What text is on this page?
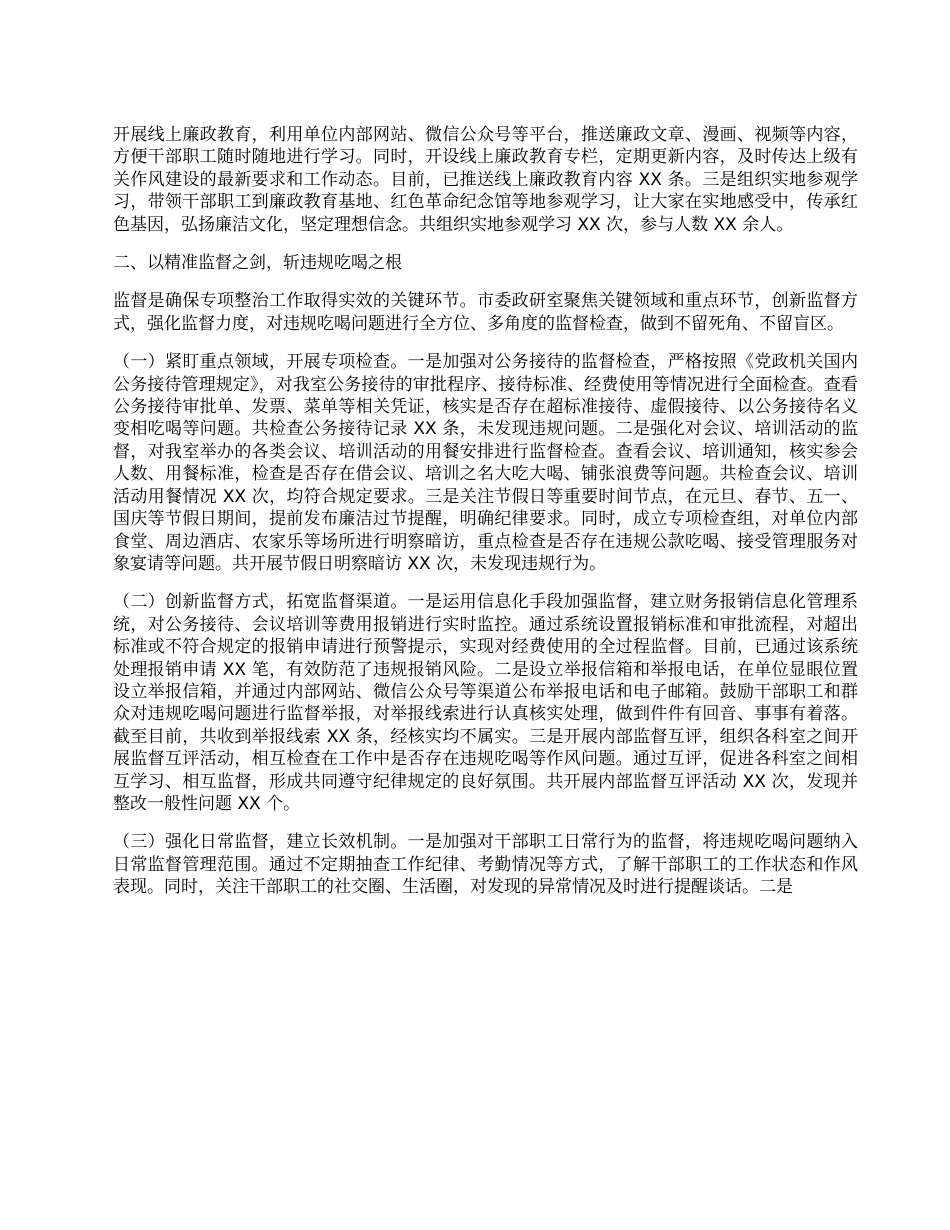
开展线上廉政教育，利用单位内部网站、微信公众号等平台，推送廉政文章、漫画、视频等内容，方便干部职工随时随地进行学习。同时，开设线上廉政教育专栏，定期更新内容，及时传达上级有关作风建设的最新要求和工作动态。目前，已推送线上廉政教育内容 XX 条。三是组织实地参观学习，带领干部职工到廉政教育基地、红色革命纪念馆等地参观学习，让大家在实地感受中，传承红色基因，弘扬廉洁文化，坚定理想信念。共组织实地参观学习 XX 次，参与人数 XX 余人。

二、以精准监督之剑，斩违规吃喝之根

监督是确保专项整治工作取得实效的关键环节。市委政研室聚焦关键领域和重点环节，创新监督方式，强化监督力度，对违规吃喝问题进行全方位、多角度的监督检查，做到不留死角、不留盲区。

（一）紧盯重点领域，开展专项检查。一是加强对公务接待的监督检查，严格按照《党政机关国内公务接待管理规定》，对我室公务接待的审批程序、接待标准、经费使用等情况进行全面检查。查看公务接待审批单、发票、菜单等相关凭证，核实是否存在超标准接待、虚假接待、以公务接待名义变相吃喝等问题。共检查公务接待记录 XX 条，未发现违规问题。二是强化对会议、培训活动的监督，对我室举办的各类会议、培训活动的用餐安排进行监督检查。查看会议、培训通知，核实参会人数、用餐标准，检查是否存在借会议、培训之名大吃大喝、铺张浪费等问题。共检查会议、培训活动用餐情况 XX 次，均符合规定要求。三是关注节假日等重要时间节点，在元旦、春节、五一、国庆等节假日期间，提前发布廉洁过节提醒，明确纪律要求。同时，成立专项检查组，对单位内部食堂、周边酒店、农家乐等场所进行明察暗访，重点检查是否存在违规公款吃喝、接受管理服务对象宴请等问题。共开展节假日明察暗访 XX 次，未发现违规行为。

（二）创新监督方式，拓宽监督渠道。一是运用信息化手段加强监督，建立财务报销信息化管理系统，对公务接待、会议培训等费用报销进行实时监控。通过系统设置报销标准和审批流程，对超出标准或不符合规定的报销申请进行预警提示，实现对经费使用的全过程监督。目前，已通过该系统处理报销申请 XX 笔，有效防范了违规报销风险。二是设立举报信箱和举报电话，在单位显眼位置设立举报信箱，并通过内部网站、微信公众号等渠道公布举报电话和电子邮箱。鼓励干部职工和群众对违规吃喝问题进行监督举报，对举报线索进行认真核实处理，做到件件有回音、事事有着落。截至目前，共收到举报线索 XX 条，经核实均不属实。三是开展内部监督互评，组织各科室之间开展监督互评活动，相互检查在工作中是否存在违规吃喝等作风问题。通过互评，促进各科室之间相互学习、相互监督，形成共同遵守纪律规定的良好氛围。共开展内部监督互评活动 XX 次，发现并整改一般性问题 XX 个。

（三）强化日常监督，建立长效机制。一是加强对干部职工日常行为的监督，将违规吃喝问题纳入日常监督管理范围。通过不定期抽查工作纪律、考勤情况等方式，了解干部职工的工作状态和作风表现。同时，关注干部职工的社交圈、生活圈，对发现的异常情况及时进行提醒谈话。二是
